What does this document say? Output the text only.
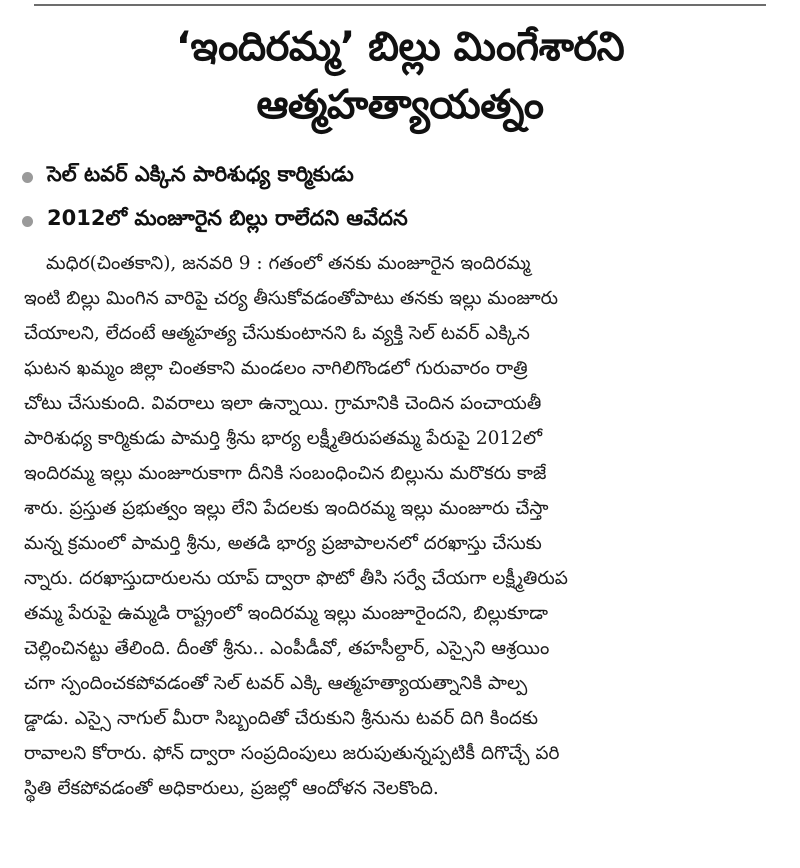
‘ఇందిరమ్మ’ బిల్లు మింగేశారని
ఆత్మహత్యాయత్నం
సెల్ టవర్ ఎక్కిన పారిశుధ్య కార్మికుడు
2012లో మంజూరైన బిల్లు రాలేదని ఆవేదన
మధిర(చింతకాని), జనవరి 9 : గతంలో తనకు మంజూరైన ఇందిరమ్మ
ఇంటి బిల్లు మింగిన వారిపై చర్య తీసుకోవడంతోపాటు తనకు ఇల్లు మంజూరు
చేయాలని, లేదంటే ఆత్మహత్య చేసుకుంటానని ఓ వ్యక్తి సెల్ టవర్ ఎక్కిన
ఘటన ఖమ్మం జిల్లా చింతకాని మండలం నాగిలిగొండలో గురువారం రాత్రి
చోటు చేసుకుంది. వివరాలు ఇలా ఉన్నాయి. గ్రామానికి చెందిన పంచాయతీ
పారిశుధ్య కార్మికుడు పామర్తి శ్రీను భార్య లక్ష్మీతిరుపతమ్మ పేరుపై 2012లో
ఇందిరమ్మ ఇల్లు మంజూరుకాగా దీనికి సంబంధించిన బిల్లును మరొకరు కాజే
శారు. ప్రస్తుత ప్రభుత్వం ఇల్లు లేని పేదలకు ఇందిరమ్మ ఇల్లు మంజూరు చేస్తా
మన్న క్రమంలో పామర్తి శ్రీను, అతడి భార్య ప్రజాపాలనలో దరఖాస్తు చేసుకు
న్నారు. దరఖాస్తుదారులను యాప్ ద్వారా ఫొటో తీసి సర్వే చేయగా లక్ష్మీతిరుప
తమ్మ పేరుపై ఉమ్మడి రాష్ట్రంలో ఇందిరమ్మ ఇల్లు మంజూరైందని, బిల్లుకూడా
చెల్లించినట్టు తేలింది. దీంతో శ్రీను.. ఎంపీడీవో, తహసీల్దార్, ఎస్సైని ఆశ్రయిం
చగా స్పందించకపోవడంతో సెల్ టవర్ ఎక్కి ఆత్మహత్యాయత్నానికి పాల్ప
డ్డాడు. ఎస్సై నాగుల్ మీరా సిబ్బందితో చేరుకుని శ్రీనును టవర్ దిగి కిందకు
రావాలని కోరారు. ఫోన్ ద్వారా సంప్రదింపులు జరుపుతున్నప్పటికీ దిగొచ్చే పరి
స్థితి లేకపోవడంతో అధికారులు, ప్రజల్లో ఆందోళన నెలకొంది.
